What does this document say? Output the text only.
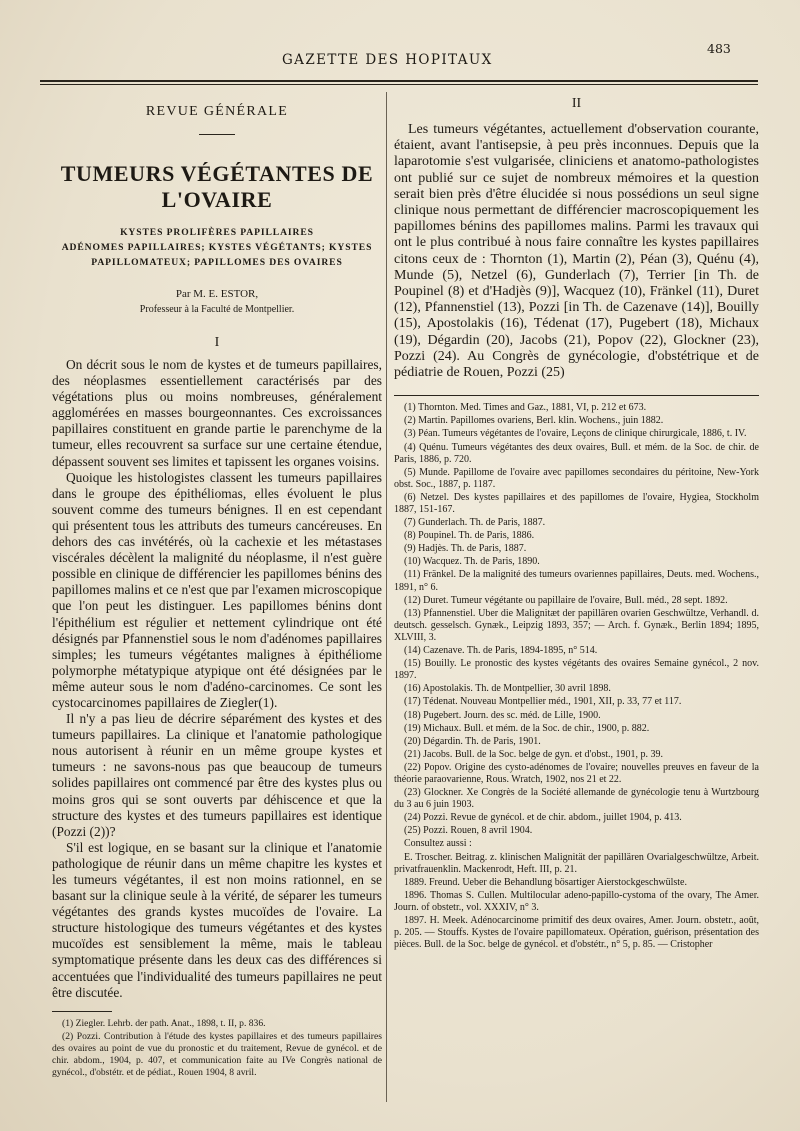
GAZETTE DES HOPITAUX
483
REVUE GÉNÉRALE
TUMEURS VÉGÉTANTES DE L'OVAIRE
KYSTES PROLIFÈRES PAPILLAIRES
ADÉNOMES PAPILLAIRES; KYSTES VÉGÉTANTS; KYSTES
PAPILLOMATEUX; PAPILLOMES DES OVAIRES
Par M. E. ESTOR,
Professeur à la Faculté de Montpellier.
I

On décrit sous le nom de kystes et de tumeurs papillaires, des néoplasmes essentiellement caractérisés par des végétations plus ou moins nombreuses, généralement agglomérées en masses bourgeonnantes. Ces excroissances papillaires constituent en grande partie le parenchyme de la tumeur, elles recouvrent sa surface sur une certaine étendue, dépassent souvent ses limites et tapissent les organes voisins.

Quoique les histologistes classent les tumeurs papillaires dans le groupe des épithéliomas, elles évoluent le plus souvent comme des tumeurs bénignes. Il en est cependant qui présentent tous les attributs des tumeurs cancéreuses. En dehors des cas invétérés, où la cachexie et les métastases viscérales décèlent la malignité du néoplasme, il n'est guère possible en clinique de différencier les papillomes bénins des papillomes malins et ce n'est que par l'examen microscopique que l'on peut les distinguer. Les papillomes bénins dont l'épithélium est régulier et nettement cylindrique ont été désignés par Pfannenstiel sous le nom d'adénomes papillaires simples; les tumeurs végétantes malignes à épithéliome polymorphe métatypique atypique ont été désignées par le même auteur sous le nom d'adéno-carcinomes. Ce sont les cystocarcinomes papillaires de Ziegler(1).

Il n'y a pas lieu de décrire séparément des kystes et des tumeurs papillaires. La clinique et l'anatomie pathologique nous autorisent à réunir en un même groupe kystes et tumeurs : ne savons-nous pas que beaucoup de tumeurs solides papillaires ont commencé par être des kystes plus ou moins gros qui se sont ouverts par déhiscence et que la structure des kystes et des tumeurs papillaires est identique (Pozzi (2))?

S'il est logique, en se basant sur la clinique et l'anatomie pathologique de réunir dans un même chapitre les kystes et les tumeurs végétantes, il est non moins rationnel, en se basant sur la clinique seule à la vérité, de séparer les tumeurs végétantes des grands kystes mucoïdes de l'ovaire. La structure histologique des tumeurs végétantes et des kystes mucoïdes est sensiblement la même, mais le tableau symptomatique présente dans les deux cas des différences si accentuées que l'individualité des tumeurs papillaires ne peut être discutée.

(1) Ziegler. Lehrb. der path. Anat., 1898, t. II, p. 836.

(2) Pozzi. Contribution à l'étude des kystes papillaires et des tumeurs papillaires des ovaires au point de vue du pronostic et du traitement, Revue de gynécol. et de chir. abdom., 1904, p. 407, et communication faite au IVe Congrès national de gynécol., d'obstétr. et de pédiat., Rouen 1904, 8 avril.

II

Les tumeurs végétantes, actuellement d'observation courante, étaient, avant l'antisepsie, à peu près inconnues. Depuis que la laparotomie s'est vulgarisée, cliniciens et anatomo-pathologistes ont publié sur ce sujet de nombreux mémoires et la question serait bien près d'être élucidée si nous possédions un seul signe clinique nous permettant de différencier macroscopiquement les papillomes bénins des papillomes malins. Parmi les travaux qui ont le plus contribué à nous faire connaître les kystes papillaires citons ceux de : Thornton (1), Martin (2), Péan (3), Quénu (4), Munde (5), Netzel (6), Gunderlach (7), Terrier [in Th. de Poupinel (8) et d'Hadjès (9)], Wacquez (10), Fränkel (11), Duret (12), Pfannenstiel (13), Pozzi [in Th. de Cazenave (14)], Bouilly (15), Apostolakis (16), Tédenat (17), Pugebert (18), Michaux (19), Dégardin (20), Jacobs (21), Popov (22), Glockner (23), Pozzi (24). Au Congrès de gynécologie, d'obstétrique et de pédiatrie de Rouen, Pozzi (25)

(1) Thornton. Med. Times and Gaz., 1881, VI, p. 212 et 673.

(2) Martin. Papillomes ovariens, Berl. klin. Wochens., juin 1882.

(3) Péan. Tumeurs végétantes de l'ovaire, Leçons de clinique chirurgicale, 1886, t. IV.

(4) Quénu. Tumeurs végétantes des deux ovaires, Bull. et mém. de la Soc. de chir. de Paris, 1886, p. 720.

(5) Munde. Papillome de l'ovaire avec papillomes secondaires du péritoine, New-York obst. Soc., 1887, p. 1187.

(6) Netzel. Des kystes papillaires et des papillomes de l'ovaire, Hygiea, Stockholm 1887, 151-167.

(7) Gunderlach. Th. de Paris, 1887.

(8) Poupinel. Th. de Paris, 1886.

(9) Hadjès. Th. de Paris, 1887.

(10) Wacquez. Th. de Paris, 1890.

(11) Fränkel. De la malignité des tumeurs ovariennes papillaires, Deuts. med. Wochens., 1891, n° 6.

(12) Duret. Tumeur végétante ou papillaire de l'ovaire, Bull. méd., 28 sept. 1892.

(13) Pfannenstiel. Uber die Malignitæt der papillären ovarien Geschwültze, Verhandl. d. deutsch. gesselsch. Gynæk., Leipzig 1893, 357; — Arch. f. Gynæk., Berlin 1894; 1895, XLVIII, 3.

(14) Cazenave. Th. de Paris, 1894-1895, n° 514.

(15) Bouilly. Le pronostic des kystes végétants des ovaires Semaine gynécol., 2 nov. 1897.

(16) Apostolakis. Th. de Montpellier, 30 avril 1898.

(17) Tédenat. Nouveau Montpellier méd., 1901, XII, p. 33, 77 et 117.

(18) Pugebert. Journ. des sc. méd. de Lille, 1900.

(19) Michaux. Bull. et mém. de la Soc. de chir., 1900, p. 882.

(20) Dégardin. Th. de Paris, 1901.

(21) Jacobs. Bull. de la Soc. belge de gyn. et d'obst., 1901, p. 39.

(22) Popov. Origine des cysto-adénomes de l'ovaire; nouvelles preuves en faveur de la théorie paraovarienne, Rous. Wratch, 1902, nos 21 et 22.

(23) Glockner. Xe Congrès de la Société allemande de gynécologie tenu à Wurtzbourg du 3 au 6 juin 1903.

(24) Pozzi. Revue de gynécol. et de chir. abdom., juillet 1904, p. 413.

(25) Pozzi. Rouen, 8 avril 1904.

Consultez aussi :

E. Troscher. Beitrag. z. klinischen Malignität der papillären Ovarialgeschwültze, Arbeit. privatfrauenklin. Mackenrodt, Heft. III, p. 21.

1889. Freund. Ueber die Behandlung bösartiger Aierstockgeschwülste.

1896. Thomas S. Cullen. Multilocular adeno-papillo-cystoma of the ovary, The Amer. Journ. of obstetr., vol. XXXIV, n° 3.

1897. H. Meek. Adénocarcinome primitif des deux ovaires, Amer. Journ. obstetr., août, p. 205. — Stouffs. Kystes de l'ovaire papillomateux. Opération, guérison, présentation des pièces. Bull. de la Soc. belge de gynécol. et d'obstétr., n° 5, p. 85. — Cristopher
